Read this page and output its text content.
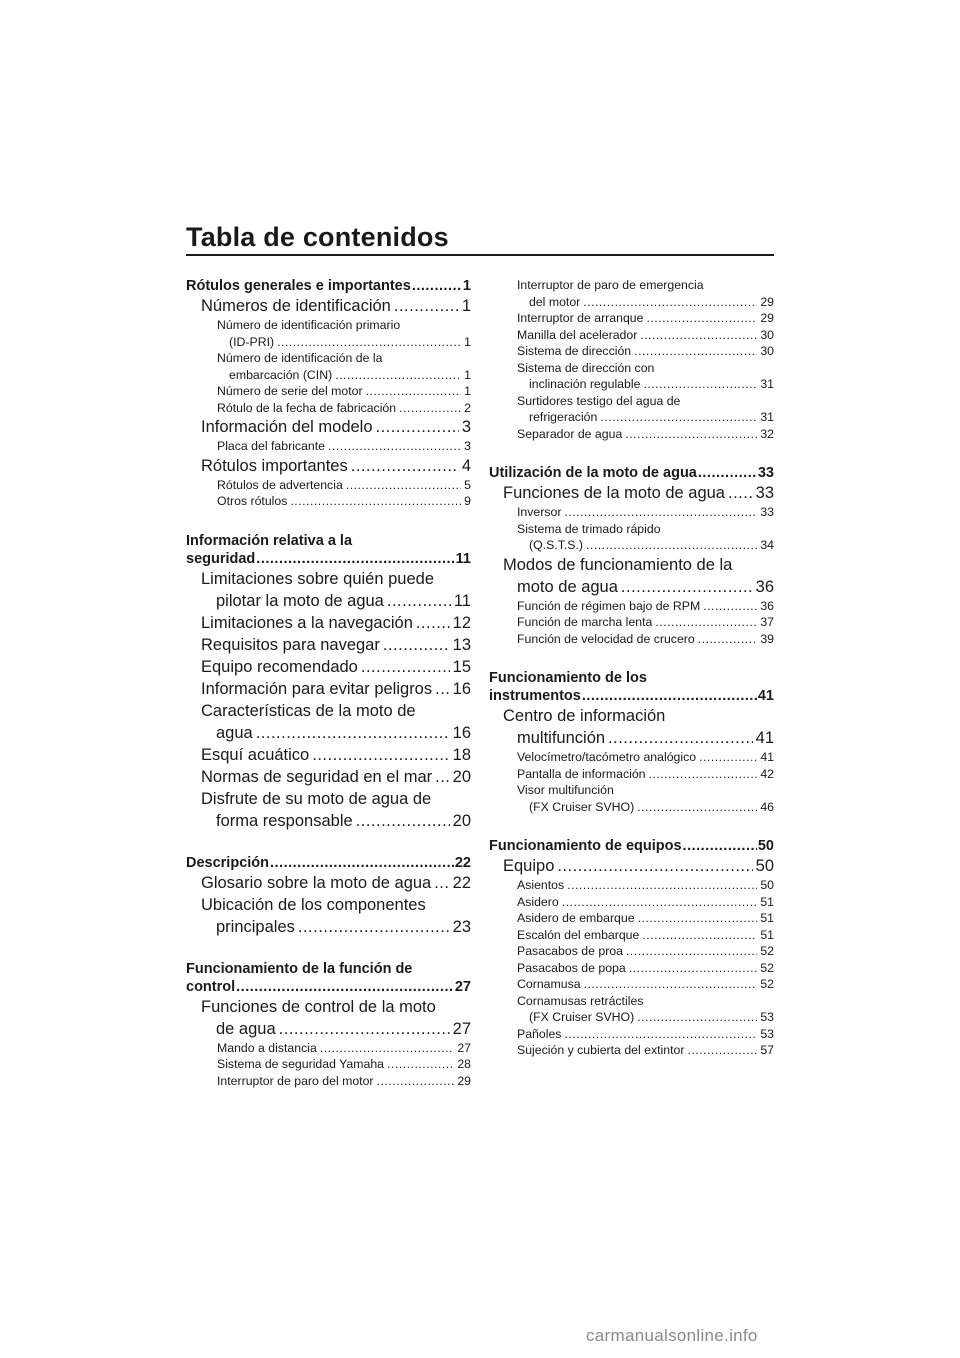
Tabla de contenidos
Rótulos generales e importantes .....	1
Números de identificación .....	1
Número de identificación primario
(ID-PRI) .....	1
Número de identificación de la
embarcación (CIN) .....	1
Número de serie del motor .....	1
Rótulo de la fecha de fabricación .....	2
Información del modelo .....	3
Placa del fabricante .....	3
Rótulos importantes .....	4
Rótulos de advertencia .....	5
Otros rótulos .....	9
Información relativa a la
seguridad .....	11
Limitaciones sobre quién puede
pilotar la moto de agua .....	11
Limitaciones a la navegación ..... 12
Requisitos para navegar .....	13
Equipo recomendado .....	15
Información para evitar peligros ..... 16
Características de la moto de
agua .....	16
Esquí acuático .....	18
Normas de seguridad en el mar ..... 20
Disfrute de su moto de agua de
forma responsable .....	20
Descripción .....	22
Glosario sobre la moto de agua ..... 22
Ubicación de los componentes
principales .....	23
Funcionamiento de la función de
control .....	27
Funciones de control de la moto
de agua .....	27
Mando a distancia .....	27
Sistema de seguridad Yamaha .....	28
Interruptor de paro del motor .....	29
Interruptor de paro de emergencia
del motor .....	29
Interruptor de arranque .....	29
Manilla del acelerador .....	30
Sistema de dirección .....	30
Sistema de dirección con
inclinación regulable .....	31
Surtidores testigo del agua de
refrigeración .....	31
Separador de agua .....	32
Utilización de la moto de agua .....	33
Funciones de la moto de agua ..... 33
Inversor .....	33
Sistema de trimado rápido
(Q.S.T.S.) .....	34
Modos de funcionamiento de la
moto de agua .....	36
Función de régimen bajo de RPM .....	36
Función de marcha lenta .....	37
Función de velocidad de crucero .....	39
Funcionamiento de los
instrumentos .....	41
Centro de información
multifunción .....	41
Velocímetro/tacómetro analógico .....	41
Pantalla de información .....	42
Visor multifunción
(FX Cruiser SVHO) .....	46
Funcionamiento de equipos .....	50
Equipo .....	50
Asientos .....	50
Asidero .....	51
Asidero de embarque .....	51
Escalón del embarque .....	51
Pasacabos de proa .....	52
Pasacabos de popa .....	52
Cornamusa .....	52
Cornamusas retráctiles
(FX Cruiser SVHO) .....	53
Pañoles .....	53
Sujeción y cubierta del extintor .....	57
carmanualsonline.info
